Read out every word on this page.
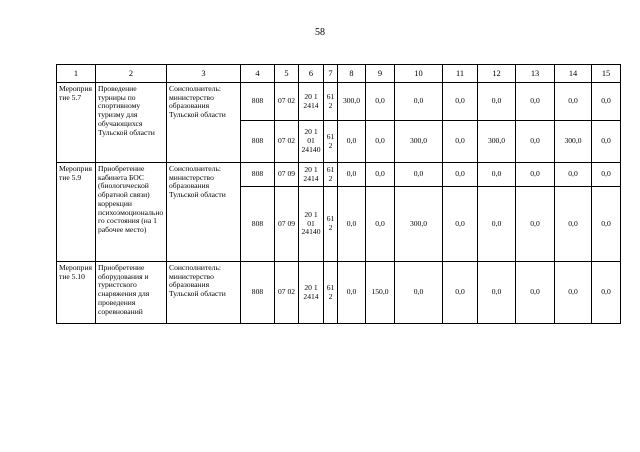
58
1	2	3	4	5	6	7	8	9	10	11	12	13	14	15
Мероприятие 5.7	Проведение турниры по спортивному туризму для обучающихся Тульской области	Соисполнитель: министерство образования Тульской области	808	07 02	20 1 2414	612	300,0	0,0	0,0	0,0	0,0	0,0	0,0	0,0
			808	07 02	20 1 01 24140	612	0,0	0,0	300,0	0,0	300,0	0,0	300,0	0,0
Мероприятие 5.9	Приобретение кабинета БОС (биологической обратной связи) коррекции психоэмоционального состояния (на 1 рабочее место)	Соисполнитель: министерство образования Тульской области	808	07 09	20 1 2414	612	0,0	0,0	0,0	0,0	0,0	0,0	0,0	0,0
			808	07 09	20 1 01 24140	612	0,0	0,0	300,0	0,0	0,0	0,0	0,0	0,0
Мероприятие 5.10	Приобретение оборудования и туристского снаряжения для проведения соревнований	Соисполнитель: министерство образования Тульской области	808	07 02	20 1 2414	612	0,0	150,0	0,0	0,0	0,0	0,0	0,0	0,0
